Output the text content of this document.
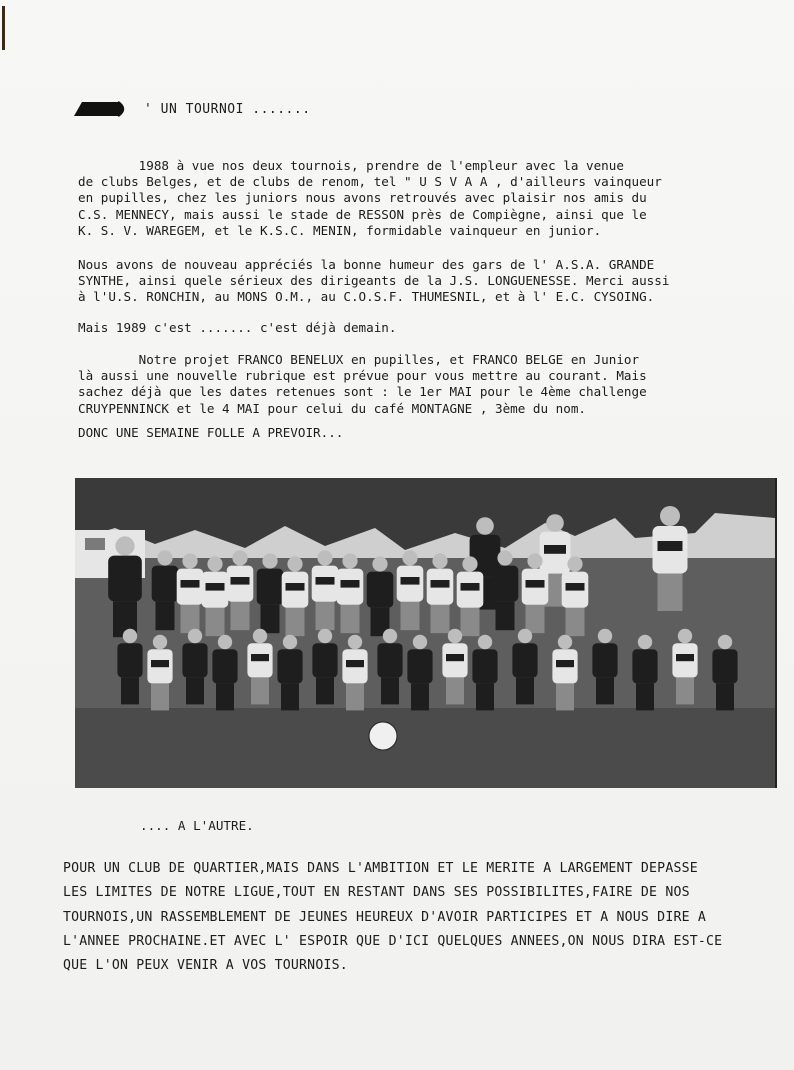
' UN TOURNOI .......

1988 à vue nos deux tournois, prendre de l'empleur avec la venue
de clubs Belges, et de clubs de renom, tel " U S V A A , d'ailleurs vainqueur
en pupilles, chez les juniors nous avons retrouvés avec plaisir nos amis du
C.S. MENNECY, mais aussi le stade de RESSON près de Compiègne, ainsi que le
K. S. V. WAREGEM, et le K.S.C. MENIN, formidable vainqueur en junior.

Nous avons de nouveau appréciés la bonne humeur des gars de l' A.S.A. GRANDE
SYNTHE, ainsi quele sérieux des dirigeants de la J.S. LONGUENESSE. Merci aussi
à l'U.S. RONCHIN, au MONS O.M., au C.O.S.F. THUMESNIL, et à l' E.C. CYSOING.

Mais 1989 c'est ....... c'est déjà demain.

Notre projet FRANCO BENELUX en pupilles, et FRANCO BELGE en Junior
là aussi une nouvelle rubrique est prévue pour vous mettre au courant. Mais
sachez déjà que les dates retenues sont : le 1er MAI pour le 4ème challenge
CRUYPENNINCK et le 4 MAI pour celui du café MONTAGNE , 3ème du nom.

DONC UNE SEMAINE FOLLE A PREVOIR...

.... A L'AUTRE.

POUR UN CLUB DE QUARTIER,MAIS DANS L'AMBITION ET LE MERITE A LARGEMENT DEPASSE
LES LIMITES DE NOTRE LIGUE,TOUT EN RESTANT DANS SES POSSIBILITES,FAIRE DE NOS
TOURNOIS,UN RASSEMBLEMENT DE JEUNES HEUREUX D'AVOIR PARTICIPES ET A NOUS DIRE A
L'ANNEE PROCHAINE.ET AVEC L' ESPOIR QUE D'ICI QUELQUES ANNEES,ON NOUS DIRA EST-CE
QUE L'ON PEUX VENIR A VOS TOURNOIS.
